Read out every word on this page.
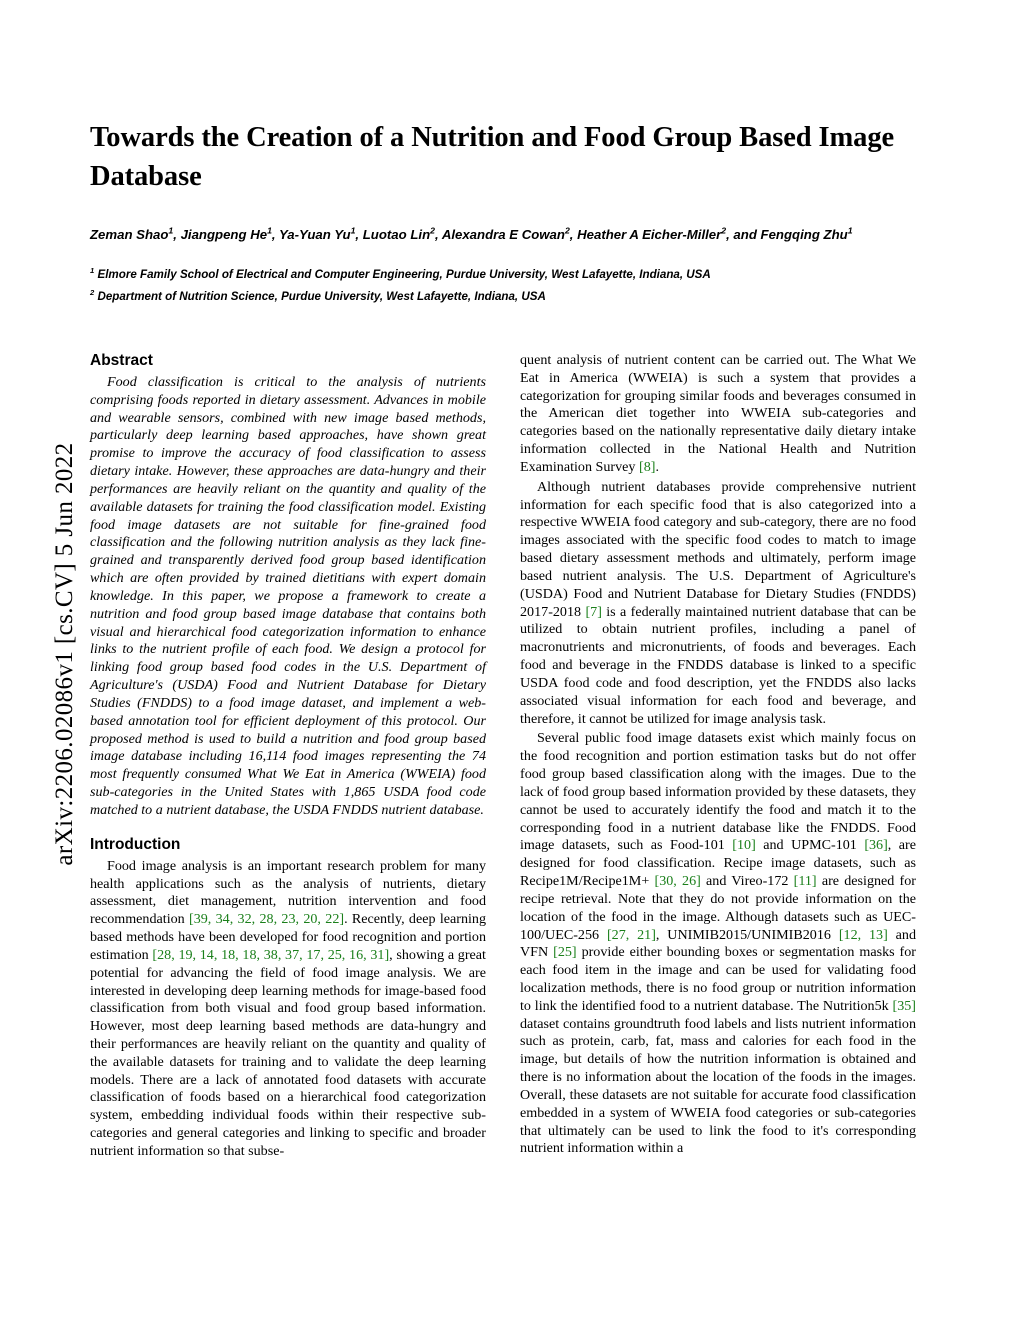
arXiv:2206.02086v1 [cs.CV] 5 Jun 2022
Towards the Creation of a Nutrition and Food Group Based Image Database
Zeman Shao$^1$, Jiangpeng He$^1$, Ya-Yuan Yu$^1$, Luotao Lin$^2$, Alexandra E Cowan$^2$, Heather A Eicher-Miller$^2$, and Fengqing Zhu$^1$
$^1$ Elmore Family School of Electrical and Computer Engineering, Purdue University, West Lafayette, Indiana, USA
$^2$ Department of Nutrition Science, Purdue University, West Lafayette, Indiana, USA
Abstract

Food classification is critical to the analysis of nutrients comprising foods reported in dietary assessment. Advances in mobile and wearable sensors, combined with new image based methods, particularly deep learning based approaches, have shown great promise to improve the accuracy of food classification to assess dietary intake. However, these approaches are data-hungry and their performances are heavily reliant on the quantity and quality of the available datasets for training the food classification model. Existing food image datasets are not suitable for fine-grained food classification and the following nutrition analysis as they lack fine-grained and transparently derived food group based identification which are often provided by trained dietitians with expert domain knowledge. In this paper, we propose a framework to create a nutrition and food group based image database that contains both visual and hierarchical food categorization information to enhance links to the nutrient profile of each food. We design a protocol for linking food group based food codes in the U.S. Department of Agriculture's (USDA) Food and Nutrient Database for Dietary Studies (FNDDS) to a food image dataset, and implement a web-based annotation tool for efficient deployment of this protocol. Our proposed method is used to build a nutrition and food group based image database including 16,114 food images representing the 74 most frequently consumed What We Eat in America (WWEIA) food sub-categories in the United States with 1,865 USDA food code matched to a nutrient database, the USDA FNDDS nutrient database.

Introduction

Food image analysis is an important research problem for many health applications such as the analysis of nutrients, dietary assessment, diet management, nutrition intervention and food recommendation [39, 34, 32, 28, 23, 20, 22]. Recently, deep learning based methods have been developed for food recognition and portion estimation [28, 19, 14, 18, 18, 38, 37, 17, 25, 16, 31], showing a great potential for advancing the field of food image analysis. We are interested in developing deep learning methods for image-based food classification from both visual and food group based information. However, most deep learning based methods are data-hungry and their performances are heavily reliant on the quantity and quality of the available datasets for training and to validate the deep learning models. There are a lack of annotated food datasets with accurate classification of foods based on a hierarchical food categorization system, embedding individual foods within their respective sub-categories and general categories and linking to specific and broader nutrient information so that subse-

quent analysis of nutrient content can be carried out. The What We Eat in America (WWEIA) is such a system that provides a categorization for grouping similar foods and beverages consumed in the American diet together into WWEIA sub-categories and categories based on the nationally representative daily dietary intake information collected in the National Health and Nutrition Examination Survey [8].

Although nutrient databases provide comprehensive nutrient information for each specific food that is also categorized into a respective WWEIA food category and sub-category, there are no food images associated with the specific food codes to match to image based dietary assessment methods and ultimately, perform image based nutrient analysis. The U.S. Department of Agriculture's (USDA) Food and Nutrient Database for Dietary Studies (FNDDS) 2017-2018 [7] is a federally maintained nutrient database that can be utilized to obtain nutrient profiles, including a panel of macronutrients and micronutrients, of foods and beverages. Each food and beverage in the FNDDS database is linked to a specific USDA food code and food description, yet the FNDDS also lacks associated visual information for each food and beverage, and therefore, it cannot be utilized for image analysis task.

Several public food image datasets exist which mainly focus on the food recognition and portion estimation tasks but do not offer food group based classification along with the images. Due to the lack of food group based information provided by these datasets, they cannot be used to accurately identify the food and match it to the corresponding food in a nutrient database like the FNDDS. Food image datasets, such as Food-101 [10] and UPMC-101 [36], are designed for food classification. Recipe image datasets, such as Recipe1M/Recipe1M+ [30, 26] and Vireo-172 [11] are designed for recipe retrieval. Note that they do not provide information on the location of the food in the image. Although datasets such as UEC-100/UEC-256 [27, 21], UNIMIB2015/UNIMIB2016 [12, 13] and VFN [25] provide either bounding boxes or segmentation masks for each food item in the image and can be used for validating food localization methods, there is no food group or nutrition information to link the identified food to a nutrient database. The Nutrition5k [35] dataset contains groundtruth food labels and lists nutrient information such as protein, carb, fat, mass and calories for each food in the image, but details of how the nutrition information is obtained and there is no information about the location of the foods in the images. Overall, these datasets are not suitable for accurate food classification embedded in a system of WWEIA food categories or sub-categories that ultimately can be used to link the food to it's corresponding nutrient information within a
